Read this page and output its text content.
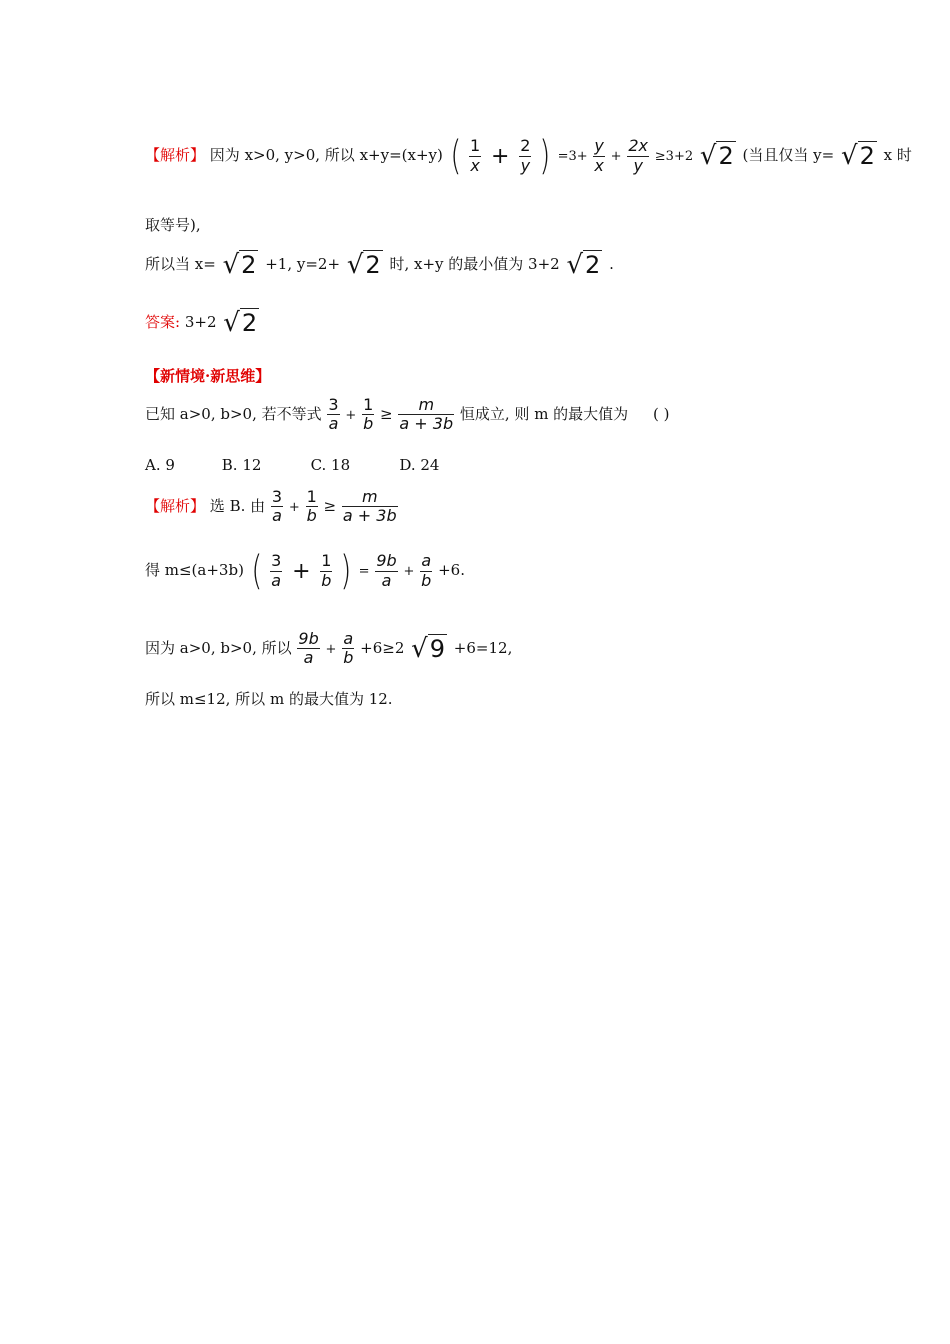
【解析】 因为 x>0, y>0, 所以 x+y=(x+y) ( $\frac{1}{x} + \frac{2}{y}$ ) $=3+ \frac{y}{x} + \frac{2x}{y} \ge 3+2$ √2 (当且仅当 y= √2 x 时
取等号),
所以当 x= √2 +1, y=2+ √2 时, x+y 的最小值为 3+2 √2 .
答案: 3+2 √2
【新情境·新思维】
已知 a>0, b>0, 若不等式 $\frac{3}{a} + \frac{1}{b} \ge \frac{m}{a + 3b}$ 恒成立, 则 m 的最大值为 ( )
A. 9	B. 12	C. 18	D. 24
【解析】 选 B. 由 $\frac{3}{a} + \frac{1}{b} \ge \frac{m}{a + 3b}$
得 m≤(a+3b) ( $\frac{3}{a} + \frac{1}{b}$ ) = $\frac{9b}{a} + \frac{a}{b} +6$.
因为 a>0, b>0, 所以 $\frac{9b}{a} + \frac{a}{b} +6\ge 2$ √9 +6=12,
所以 m≤12, 所以 m 的最大值为 12.
